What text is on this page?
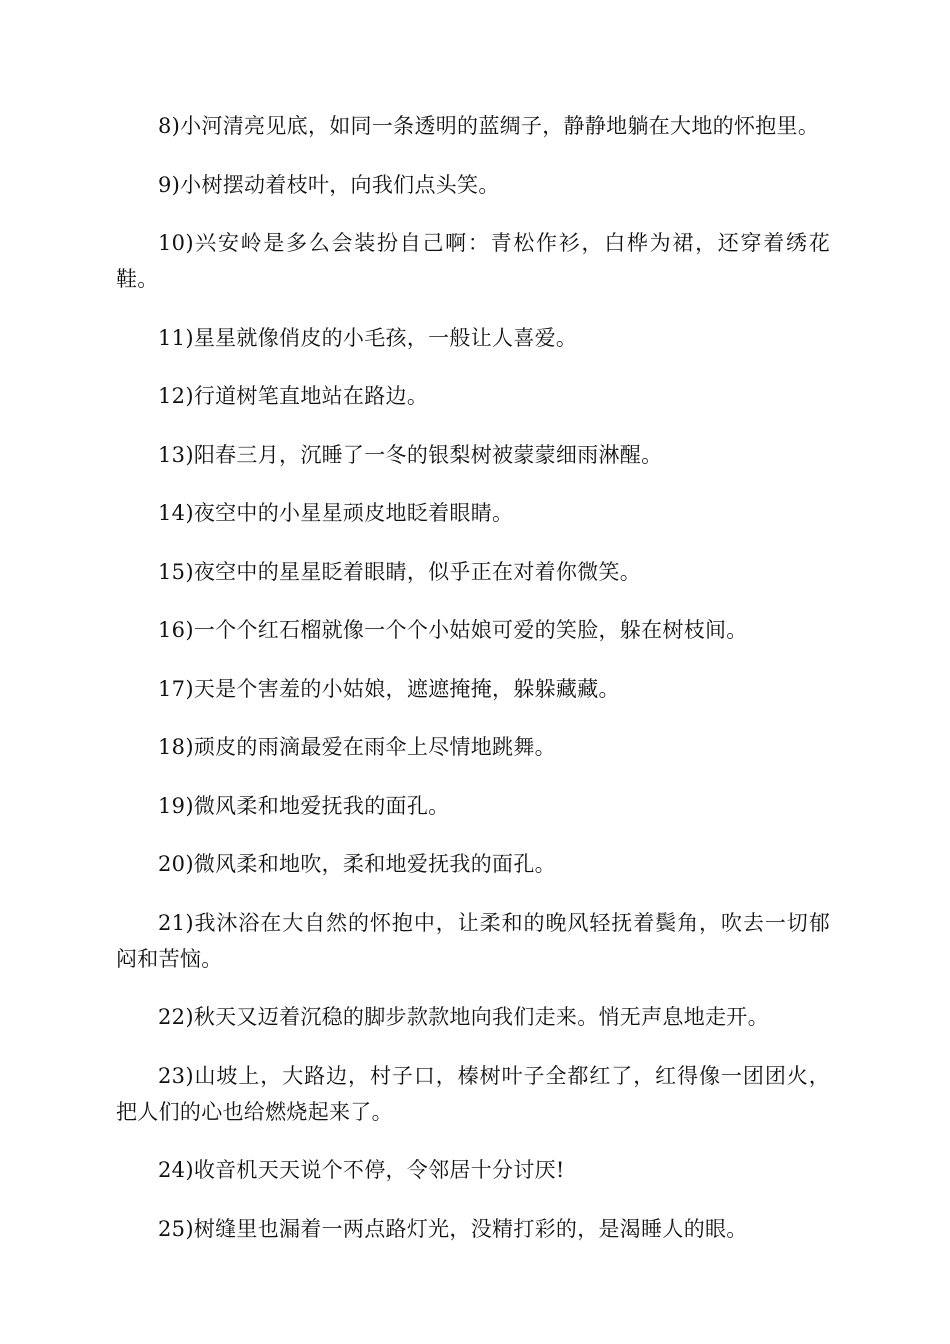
8)小河清亮见底，如同一条透明的蓝绸子，静静地躺在大地的怀抱里。

9)小树摆动着枝叶，向我们点头笑。

10)兴安岭是多么会装扮自己啊：青松作衫，白桦为裙，还穿着绣花鞋。

11)星星就像俏皮的小毛孩，一般让人喜爱。

12)行道树笔直地站在路边。

13)阳春三月，沉睡了一冬的银梨树被蒙蒙细雨淋醒。

14)夜空中的小星星顽皮地眨着眼睛。

15)夜空中的星星眨着眼睛，似乎正在对着你微笑。

16)一个个红石榴就像一个个小姑娘可爱的笑脸，躲在树枝间。

17)天是个害羞的小姑娘，遮遮掩掩，躲躲藏藏。

18)顽皮的雨滴最爱在雨伞上尽情地跳舞。

19)微风柔和地爱抚我的面孔。

20)微风柔和地吹，柔和地爱抚我的面孔。

21)我沐浴在大自然的怀抱中，让柔和的晚风轻抚着鬓角，吹去一切郁闷和苦恼。

22)秋天又迈着沉稳的脚步款款地向我们走来。悄无声息地走开。

23)山坡上，大路边，村子口，榛树叶子全都红了，红得像一团团火，把人们的心也给燃烧起来了。

24)收音机天天说个不停，令邻居十分讨厌!

25)树缝里也漏着一两点路灯光，没精打彩的，是渴睡人的眼。
